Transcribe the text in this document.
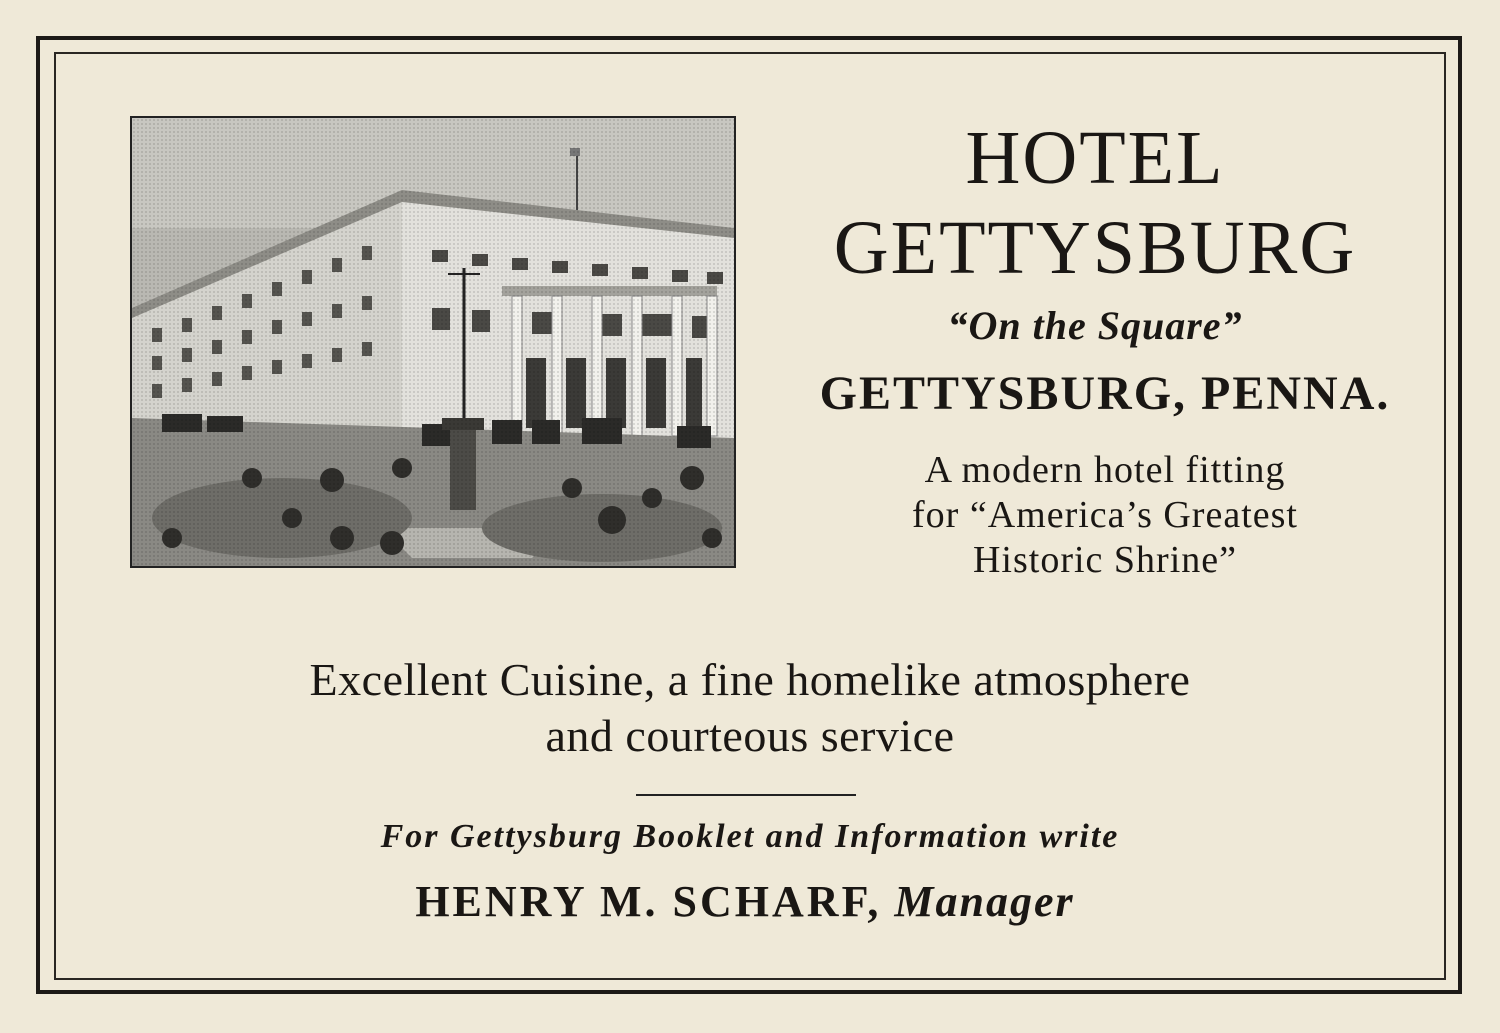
HOTEL
GETTYSBURG
“On the Square”
GETTYSBURG, PENNA.
A modern hotel fitting
for “America’s Greatest
Historic Shrine”
Excellent Cuisine, a fine homelike atmosphere
and courteous service
For Gettysburg Booklet and Information write
HENRY M. SCHARF, Manager
